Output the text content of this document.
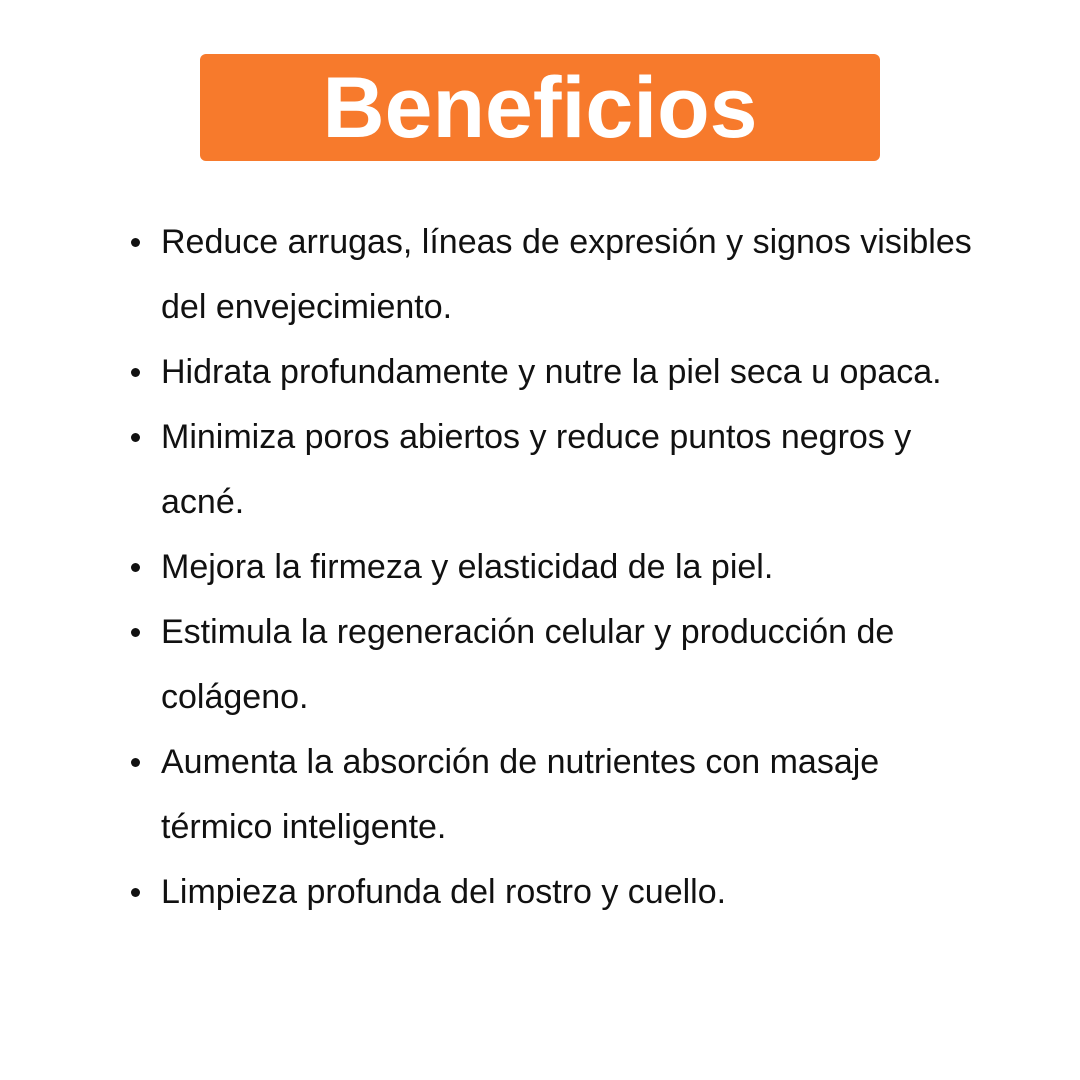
Beneficios
Reduce arrugas, líneas de expresión y signos visibles del envejecimiento.
Hidrata profundamente y nutre la piel seca u opaca.
Minimiza poros abiertos y reduce puntos negros y acné.
Mejora la firmeza y elasticidad de la piel.
Estimula la regeneración celular y producción de colágeno.
Aumenta la absorción de nutrientes con masaje térmico inteligente.
Limpieza profunda del rostro y cuello.
